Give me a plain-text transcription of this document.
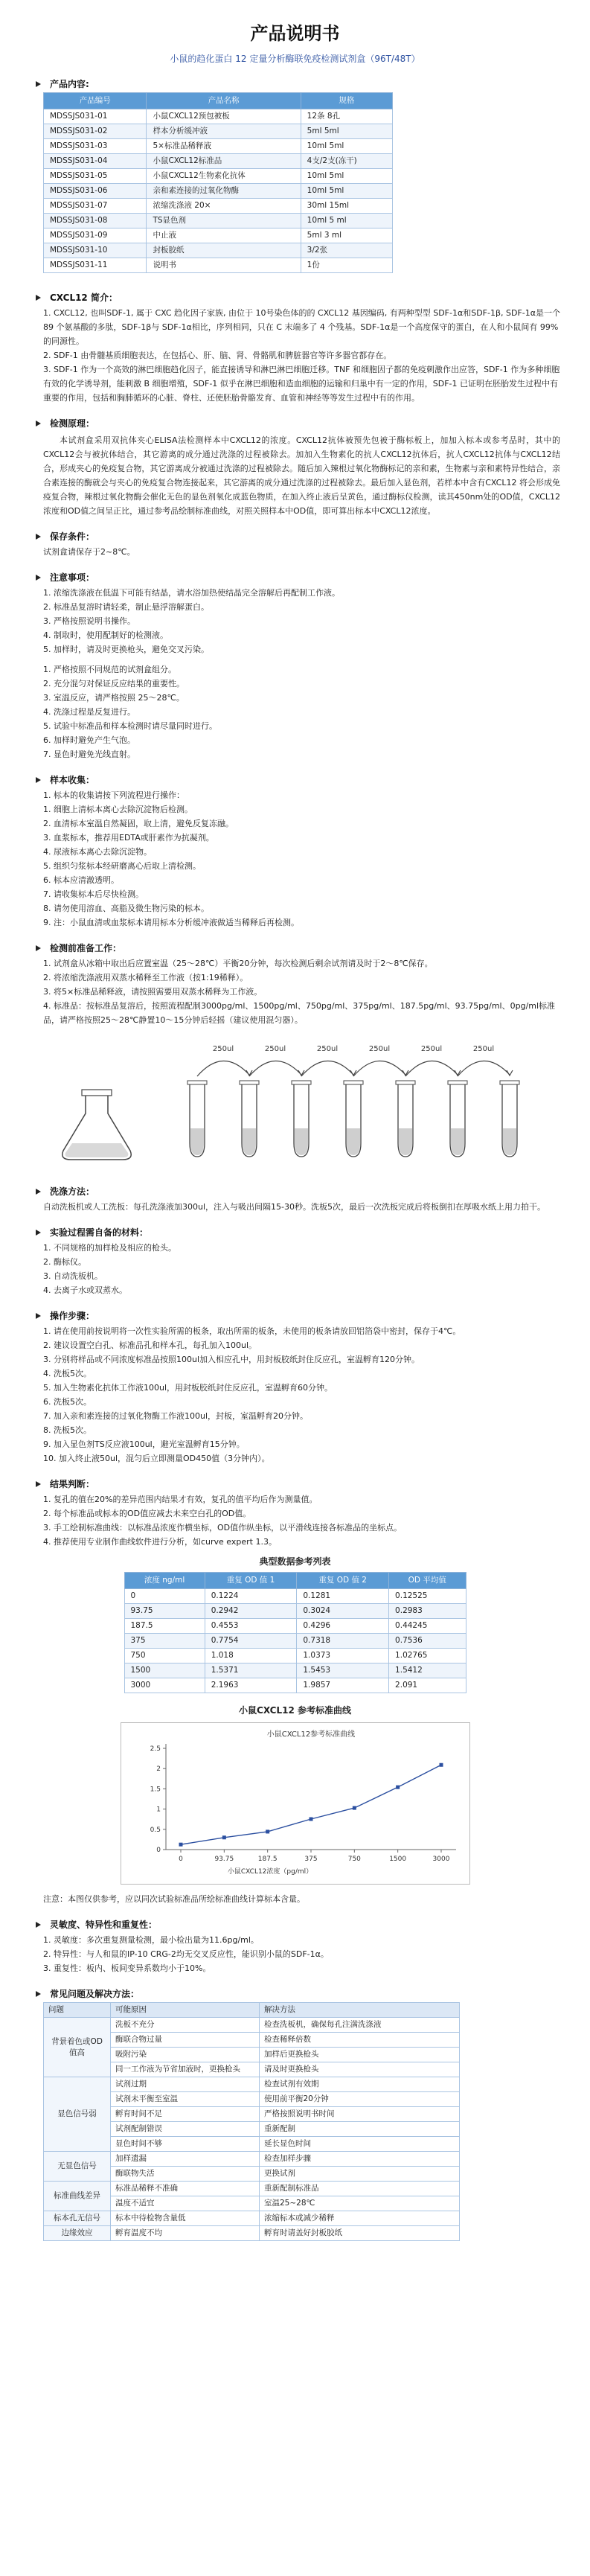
产品说明书
小鼠的趋化蛋白 12 定量分析酶联免疫检测试剂盒（96T/48T）
产品内容:
产品编号	产品名称	规格
MDSSJS031-01	小鼠CXCL12预包被板	12条 8孔
MDSSJS031-02	样本分析缓冲液	5ml 5ml
MDSSJS031-03	5×标准品稀释液	10ml 5ml
MDSSJS031-04	小鼠CXCL12标准品	4支/2支(冻干)
MDSSJS031-05	小鼠CXCL12生物素化抗体	10ml 5ml
MDSSJS031-06	亲和素连接的过氧化物酶	10ml 5ml
MDSSJS031-07	浓缩洗涤液 20×	30ml 15ml
MDSSJS031-08	TS显色剂	10ml 5 ml
MDSSJS031-09	中止液	5ml 3 ml
MDSSJS031-10	封板胶纸	3/2张
MDSSJS031-11	说明书	1份
CXCL12 简介：

1. CXCL12, 也叫SDF-1, 属于 CXC 趋化因子家族, 由位于 10号染色体的的 CXCL12 基因编码, 有两种型型 SDF-1α和SDF-1β, SDF-1α是一个 89 个氨基酸的多肽，SDF-1β与 SDF-1α相比，序列相同，只在 C 末端多了 4 个残基。SDF-1α是一个高度保守的蛋白，在人和小鼠间有 99%的同源性。

2. SDF-1 由骨髓基质细胞表达，在包括心、肝、脑、肾、骨骼肌和脾脏器官等许多器官都存在。

3. SDF-1 作为一个高效的淋巴细胞趋化因子，能直接诱导和淋巴淋巴细胞迁移。TNF 和细胞因子都的免疫刺激作出应答，SDF-1 作为多种细胞有效的化学诱导剂，能刺激 B 细胞增殖，SDF-1 似乎在淋巴细胞和造血细胞的运输和归巢中有一定的作用，SDF-1 已证明在胚胎发生过程中有重要的作用，包括和胸肺循环的心脏、脊柱、还使胚胎骨骼发育、血管和神经等等发生过程中有的作用。

检测原理：

本试剂盒采用双抗体夹心ELISA法检测样本中CXCL12的浓度。CXCL12抗体被预先包被于酶标板上，加加入标本或参考品时，其中的CXCL12会与被抗体结合，其它游离的成分通过洗涤的过程被除去。加加入生物素化的抗人CXCL12抗体后，抗人CXCL12抗体与CXCL12结合，形成夹心的免疫复合物，其它游离成分被通过洗涤的过程被除去。随后加入辣根过氧化物酶标记的亲和素，生物素与亲和素特异性结合，亲合素连接的酶就会与夹心的免疫复合物连接起来，其它游离的成分通过洗涤的过程被除去。最后加入显色剂，若样本中含有CXCL12 将会形成免疫复合物，辣根过氧化物酶会催化无色的显色剂氧化成蓝色物质，在加入终止液后呈黄色，通过酶标仪检测，读其450nm处的OD值，CXCL12浓度和OD值之间呈正比，通过参考品绘制标准曲线，对照关照样本中OD值，即可算出标本中CXCL12浓度。

保存条件：

试剂盒请保存于2~8℃。

注意事项：

1. 浓缩洗涤液在低温下可能有结晶，请水浴加热使结晶完全溶解后再配制工作液。

2. 标准品复溶时请轻柔，制止悬浮溶解蛋白。

3. 严格按照说明书操作。

4. 制取时，使用配制好的检测液。

5. 加样时，请及时更换枪头，避免交叉污染。

1. 严格按照不同规范的试剂盒组分。

2. 充分混匀对保证反应结果的重要性。

3. 室温反应，请严格按照 25～28℃。

4. 洗涤过程是反复进行。

5. 试验中标准品和样本检测时请尽量同时进行。

6. 加样时避免产生气泡。

7. 显色时避免光线直射。

样本收集：

1. 标本的收集请按下列流程进行操作：

1. 细胞上清标本离心去除沉淀物后检测。

2. 血清标本室温自然凝固，取上清，避免反复冻融。

3. 血浆标本，推荐用EDTA或肝素作为抗凝剂。

4. 尿液标本离心去除沉淀物。

5. 组织匀浆标本经研磨离心后取上清检测。

6. 标本应清澈透明。

7. 请收集标本后尽快检测。

8. 请勿使用溶血、高脂及微生物污染的标本。

9. 注：小鼠血清或血浆标本请用标本分析缓冲液做适当稀释后再检测。

检测前准备工作：

1. 试剂盒从冰箱中取出后应置室温（25～28℃）平衡20分钟，每次检测后剩余试剂请及时于2～8℃保存。

2. 将浓缩洗涤液用双蒸水稀释至工作液（按1:19稀释）。

3. 将5×标准品稀释液，请按照需要用双蒸水稀释为工作液。

4. 标准品：按标准品复溶后，按照流程配制3000pg/ml、1500pg/ml、750pg/ml、375pg/ml、187.5pg/ml、93.75pg/ml、0pg/ml标准品，请严格按照25～28℃静置10～15分钟后轻摇（建议使用混匀器）。

250ul	250ul	250ul	250ul	250ul	250ul
洗涤方法：

自动洗板机或人工洗板：每孔洗涤液加300ul，注入与吸出间隔15-30秒。洗板5次，最后一次洗板完成后将板倒扣在厚吸水纸上用力拍干。

实验过程需自备的材料：

1. 不同规格的加样枪及相应的枪头。

2. 酶标仪。

3. 自动洗板机。

4. 去离子水或双蒸水。

操作步骤：

1. 请在使用前按说明将一次性实验所需的板条，取出所需的板条，未使用的板条请放回铝箔袋中密封，保存于4℃。

2. 建议设置空白孔、标准品孔和样本孔，每孔加入100ul。

3. 分别将样品或不同浓度标准品按照100ul加入相应孔中，用封板胶纸封住反应孔，室温孵育120分钟。

4. 洗板5次。

5. 加入生物素化抗体工作液100ul，用封板胶纸封住反应孔，室温孵育60分钟。

6. 洗板5次。

7. 加入亲和素连接的过氧化物酶工作液100ul，封板，室温孵育20分钟。

8. 洗板5次。

9. 加入显色剂TS反应液100ul，避光室温孵育15分钟。

10. 加入终止液50ul，混匀后立即测量OD450值（3分钟内）。

结果判断：

1. 复孔的值在20%的差异范围内结果才有效，复孔的值平均后作为测量值。

2. 每个标准品或标本的OD值应减去未来空白孔的OD值。

3. 手工绘制标准曲线：以标准品浓度作横坐标，OD值作纵坐标，以平滑线连接各标准品的坐标点。

4. 推荐使用专业制作曲线软件进行分析，如curve expert 1.3。

典型数据参考列表
浓度 ng/ml	重复 OD 值 1	重复 OD 值 2	OD 平均值
0	0.1224	0.1281	0.12525
93.75	0.2942	0.3024	0.2983
187.5	0.4553	0.4296	0.44245
375	0.7754	0.7318	0.7536
750	1.018	1.0373	1.02765
1500	1.5371	1.5453	1.5412
3000	2.1963	1.9857	2.091
小鼠CXCL12 参考标准曲线
小鼠CXCL12参考标准曲线
0
0.5
1
1.5
2
2.5
0	93.75	187.5	375	750	1500	3000
小鼠CXCL12浓度（pg/ml）

注意：本图仅供参考，应以同次试验标准品所绘标准曲线计算标本含量。

灵敏度、特异性和重复性：

1. 灵敏度：多次重复测量检测，最小检出量为11.6pg/ml。

2. 特异性：与人和鼠的IP-10 CRG-2均无交叉反应性，能识别小鼠的SDF-1α。

3. 重复性：板内、板间变异系数均小于10%。

常见问题及解决方法：
问题	可能原因	解决方法
背景着色或OD值高	洗板不充分	检查洗板机，确保每孔注满洗涤液
	酶联合物过量	检查稀释倍数
	吸附污染	加样后更换枪头
	同一工作液为节省加液时，更换枪头	请及时更换枪头
显色信号弱	试剂过期	检查试剂有效期
	试剂未平衡至室温	使用前平衡20分钟
	孵育时间不足	严格按照说明书时间
	试剂配制错误	重新配制
	显色时间不够	延长显色时间
无显色信号	加样遗漏	检查加样步骤
	酶联物失活	更换试剂
标准曲线差异	标准品稀释不准确	重新配制标准品
	温度不适宜	室温25~28℃
标本孔无信号	标本中待检物含量低	浓缩标本或减少稀释
边缘效应	孵育温度不均	孵育时请盖好封板胶纸
